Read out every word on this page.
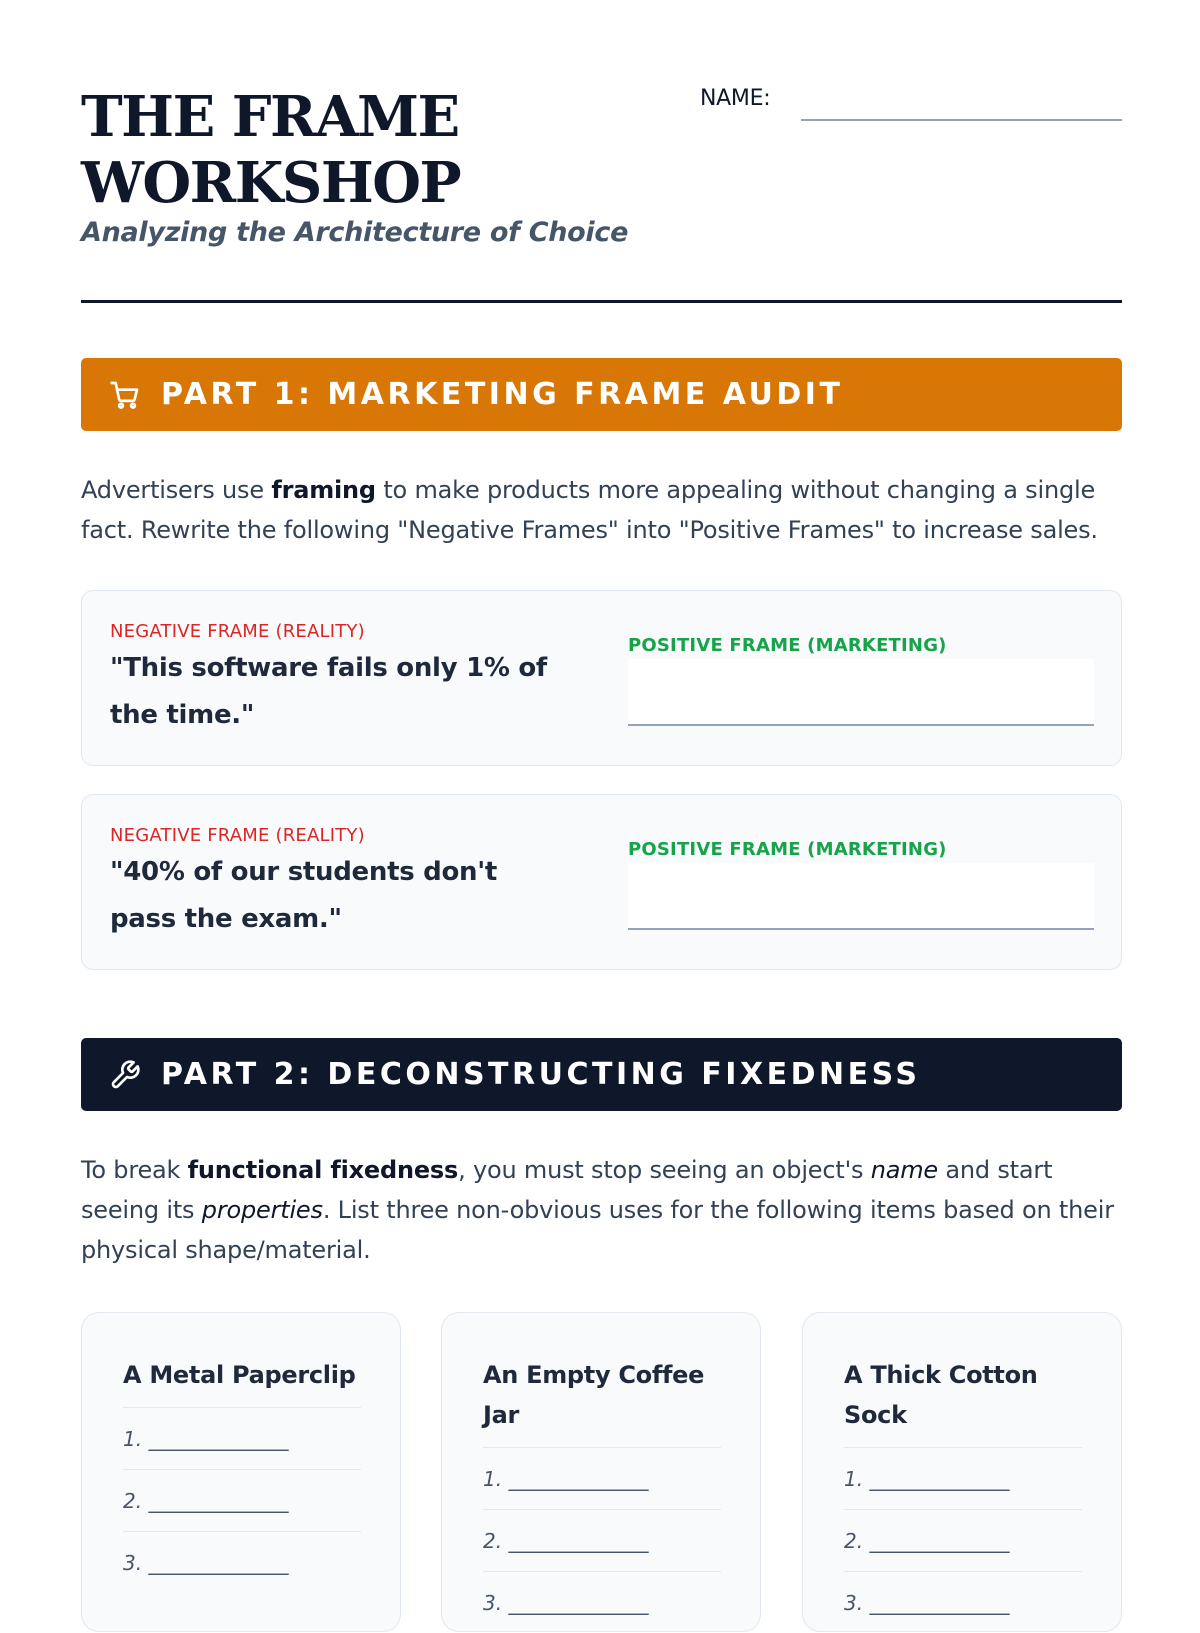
THE FRAME
WORKSHOP
Analyzing the Architecture of Choice
NAME:
PART 1: MARKETING FRAME AUDIT

Advertisers use framing to make products more appealing without changing a single fact. Rewrite the following "Negative Frames" into "Positive Frames" to increase sales.

NEGATIVE FRAME (REALITY)
"This software fails only 1% of the time."
POSITIVE FRAME (MARKETING)
NEGATIVE FRAME (REALITY)
"40% of our students don't pass the exam."
POSITIVE FRAME (MARKETING)
PART 2: DECONSTRUCTING FIXEDNESS

To break functional fixedness, you must stop seeing an object's name and start seeing its properties. List three non-obvious uses for the following items based on their physical shape/material.

A Metal Paperclip
1. ______________
2. ______________
3. ______________
An Empty Coffee Jar
1. ______________
2. ______________
3. ______________
A Thick Cotton Sock
1. ______________
2. ______________
3. ______________
